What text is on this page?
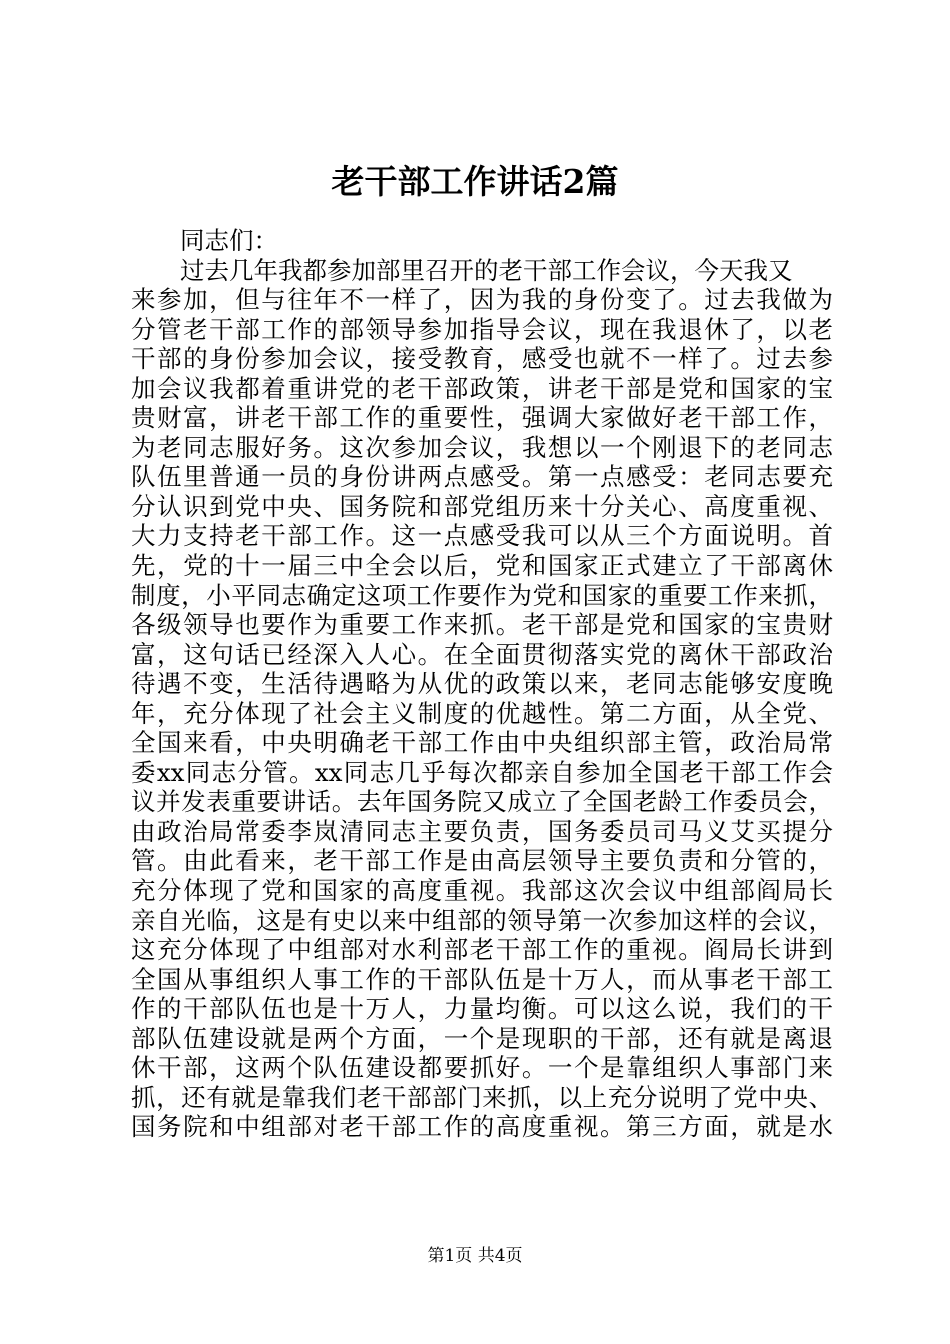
老干部工作讲话2篇
同志们：
过去几年我都参加部里召开的老干部工作会议，今天我又
来参加，但与往年不一样了，因为我的身份变了。过去我做为
分管老干部工作的部领导参加指导会议，现在我退休了，以老
干部的身份参加会议，接受教育，感受也就不一样了。过去参
加会议我都着重讲党的老干部政策，讲老干部是党和国家的宝
贵财富，讲老干部工作的重要性，强调大家做好老干部工作，
为老同志服好务。这次参加会议，我想以一个刚退下的老同志
队伍里普通一员的身份讲两点感受。第一点感受：老同志要充
分认识到党中央、国务院和部党组历来十分关心、高度重视、
大力支持老干部工作。这一点感受我可以从三个方面说明。首
先，党的十一届三中全会以后，党和国家正式建立了干部离休
制度，小平同志确定这项工作要作为党和国家的重要工作来抓，
各级领导也要作为重要工作来抓。老干部是党和国家的宝贵财
富，这句话已经深入人心。在全面贯彻落实党的离休干部政治
待遇不变，生活待遇略为从优的政策以来，老同志能够安度晚
年，充分体现了社会主义制度的优越性。第二方面，从全党、
全国来看，中央明确老干部工作由中央组织部主管，政治局常
委xx同志分管。xx同志几乎每次都亲自参加全国老干部工作会
议并发表重要讲话。去年国务院又成立了全国老龄工作委员会，
由政治局常委李岚清同志主要负责，国务委员司马义艾买提分
管。由此看来，老干部工作是由高层领导主要负责和分管的，
充分体现了党和国家的高度重视。我部这次会议中组部阎局长
亲自光临，这是有史以来中组部的领导第一次参加这样的会议，
这充分体现了中组部对水利部老干部工作的重视。阎局长讲到
全国从事组织人事工作的干部队伍是十万人，而从事老干部工
作的干部队伍也是十万人，力量均衡。可以这么说，我们的干
部队伍建设就是两个方面，一个是现职的干部，还有就是离退
休干部，这两个队伍建设都要抓好。一个是靠组织人事部门来
抓，还有就是靠我们老干部部门来抓，以上充分说明了党中央、
国务院和中组部对老干部工作的高度重视。第三方面，就是水
第1页 共4页
